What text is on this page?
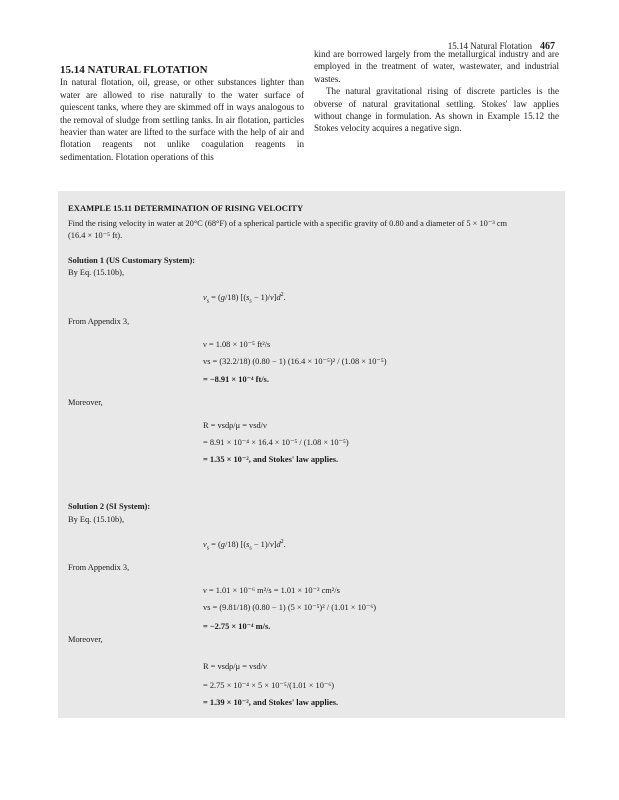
15.14 Natural Flotation 467

15.14 NATURAL FLOTATION

In natural flotation, oil, grease, or other substances lighter than water are allowed to rise naturally to the water surface of quiescent tanks, where they are skimmed off in ways analogous to the removal of sludge from settling tanks. In air flotation, particles heavier than water are lifted to the surface with the help of air and flotation reagents not unlike coagulation reagents in sedimentation. Flotation operations of this

kind are borrowed largely from the metallurgical industry and are employed in the treatment of water, wastewater, and industrial wastes.

The natural gravitational rising of discrete particles is the obverse of natural gravitational settling. Stokes' law applies without change in formulation. As shown in Example 15.12 the Stokes velocity acquires a negative sign.

EXAMPLE 15.11 DETERMINATION OF RISING VELOCITY
Find the rising velocity in water at 20°C (68°F) of a spherical particle with a specific gravity of 0.80 and a diameter of 5 × 10⁻³ cm
(16.4 × 10⁻⁵ ft).
Solution 1 (US Customary System):
By Eq. (15.10b),
$v_s = (g/18) [(s_s - 1)/\nu]d^2$.
From Appendix 3,
ν = 1.08 × 10⁻⁵ ft²/s
vs = (32.2/18) (0.80 − 1) (16.4 × 10⁻⁵)² / (1.08 × 10⁻⁵)
= −8.91 × 10⁻⁴ ft/s.
Moreover,
R = vsdρ/μ = vsd/ν
= 8.91 × 10⁻⁴ × 16.4 × 10⁻⁵ / (1.08 × 10⁻⁵)
= 1.35 × 10⁻², and Stokes' law applies.
Solution 2 (SI System):
By Eq. (15.10b),
$v_s = (g/18) [(s_s - 1)/\nu]d^2$.
From Appendix 3,
ν = 1.01 × 10⁻⁶ m²/s = 1.01 × 10⁻² cm²/s
vs = (9.81/18) (0.80 − 1) (5 × 10⁻⁵)² / (1.01 × 10⁻⁶)
= −2.75 × 10⁻⁴ m/s.
Moreover,
R = vsdρ/μ = vsd/ν
= 2.75 × 10⁻⁴ × 5 × 10⁻⁵/(1.01 × 10⁻⁶)
= 1.39 × 10⁻², and Stokes' law applies.
